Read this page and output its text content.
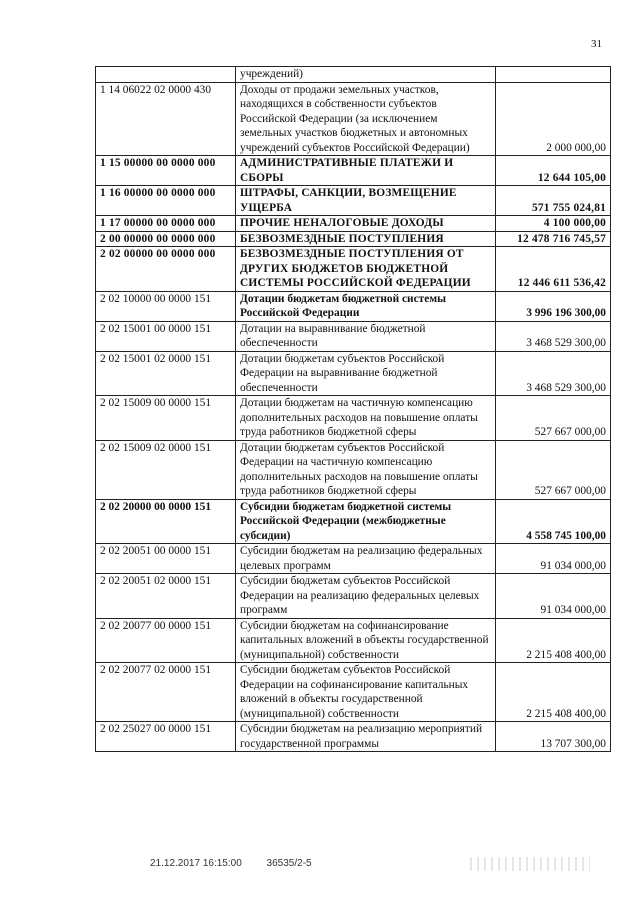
31
	учреждений)	
1 14 06022 02 0000 430	Доходы от продажи земельных участков, находящихся в собственности субъектов Российской Федерации (за исключением земельных участков бюджетных и автономных учреждений субъектов Российской Федерации)	2 000 000,00
1 15 00000 00 0000 000	АДМИНИСТРАТИВНЫЕ ПЛАТЕЖИ И СБОРЫ	12 644 105,00
1 16 00000 00 0000 000	ШТРАФЫ, САНКЦИИ, ВОЗМЕЩЕНИЕ УЩЕРБА	571 755 024,81
1 17 00000 00 0000 000	ПРОЧИЕ НЕНАЛОГОВЫЕ ДОХОДЫ	4 100 000,00
2 00 00000 00 0000 000	БЕЗВОЗМЕЗДНЫЕ ПОСТУПЛЕНИЯ	12 478 716 745,57
2 02 00000 00 0000 000	БЕЗВОЗМЕЗДНЫЕ ПОСТУПЛЕНИЯ ОТ ДРУГИХ БЮДЖЕТОВ БЮДЖЕТНОЙ СИСТЕМЫ РОССИЙСКОЙ ФЕДЕРАЦИИ	12 446 611 536,42
2 02 10000 00 0000 151	Дотации бюджетам бюджетной системы Российской Федерации	3 996 196 300,00
2 02 15001 00 0000 151	Дотации на выравнивание бюджетной обеспеченности	3 468 529 300,00
2 02 15001 02 0000 151	Дотации бюджетам субъектов Российской Федерации на выравнивание бюджетной обеспеченности	3 468 529 300,00
2 02 15009 00 0000 151	Дотации бюджетам на частичную компенсацию дополнительных расходов на повышение оплаты труда работников бюджетной сферы	527 667 000,00
2 02 15009 02 0000 151	Дотации бюджетам субъектов Российской Федерации на частичную компенсацию дополнительных расходов на повышение оплаты труда работников бюджетной сферы	527 667 000,00
2 02 20000 00 0000 151	Субсидии бюджетам бюджетной системы Российской Федерации (межбюджетные субсидии)	4 558 745 100,00
2 02 20051 00 0000 151	Субсидии бюджетам на реализацию федеральных целевых программ	91 034 000,00
2 02 20051 02 0000 151	Субсидии бюджетам субъектов Российской Федерации на реализацию федеральных целевых программ	91 034 000,00
2 02 20077 00 0000 151	Субсидии бюджетам на софинансирование капитальных вложений в объекты государственной (муниципальной) собственности	2 215 408 400,00
2 02 20077 02 0000 151	Субсидии бюджетам субъектов Российской Федерации на софинансирование капитальных вложений в объекты государственной (муниципальной) собственности	2 215 408 400,00
2 02 25027 00 0000 151	Субсидии бюджетам на реализацию мероприятий государственной программы	13 707 300,00
21.12.2017 16:15:00 36535/2-5
